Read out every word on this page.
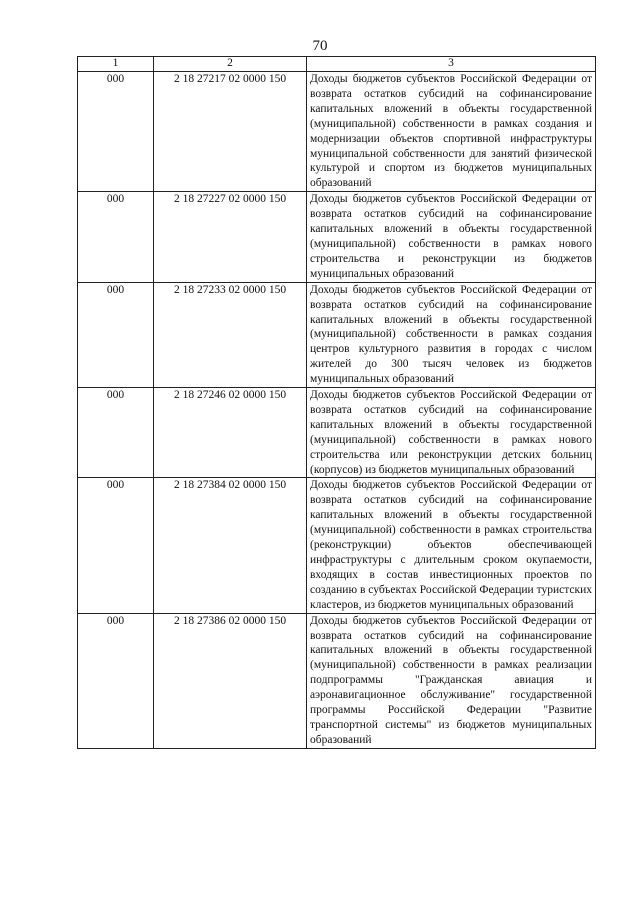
70
1	2	3
000	2 18 27217 02 0000 150	Доходы бюджетов субъектов Российской Федерации от возврата остатков субсидий на софинансирование капитальных вложений в объекты государственной (муниципальной) собственности в рамках создания и модернизации объектов спортивной инфраструктуры муниципальной собственности для занятий физической культурой и спортом из бюджетов муниципальных образований
000	2 18 27227 02 0000 150	Доходы бюджетов субъектов Российской Федерации от возврата остатков субсидий на софинансирование капитальных вложений в объекты государственной (муниципальной) собственности в рамках нового строительства и реконструкции из бюджетов муниципальных образований
000	2 18 27233 02 0000 150	Доходы бюджетов субъектов Российской Федерации от возврата остатков субсидий на софинансирование капитальных вложений в объекты государственной (муниципальной) собственности в рамках создания центров культурного развития в городах с числом жителей до 300 тысяч человек из бюджетов муниципальных образований
000	2 18 27246 02 0000 150	Доходы бюджетов субъектов Российской Федерации от возврата остатков субсидий на софинансирование капитальных вложений в объекты государственной (муниципальной) собственности в рамках нового строительства или реконструкции детских больниц (корпусов) из бюджетов муниципальных образований
000	2 18 27384 02 0000 150	Доходы бюджетов субъектов Российской Федерации от возврата остатков субсидий на софинансирование капитальных вложений в объекты государственной (муниципальной) собственности в рамках строительства (реконструкции) объектов обеспечивающей инфраструктуры с длительным сроком окупаемости, входящих в состав инвестиционных проектов по созданию в субъектах Российской Федерации туристских кластеров, из бюджетов муниципальных образований
000	2 18 27386 02 0000 150	Доходы бюджетов субъектов Российской Федерации от возврата остатков субсидий на софинансирование капитальных вложений в объекты государственной (муниципальной) собственности в рамках реализации подпрограммы "Гражданская авиация и аэронавигационное обслуживание" государственной программы Российской Федерации "Развитие транспортной системы" из бюджетов муниципальных образований
